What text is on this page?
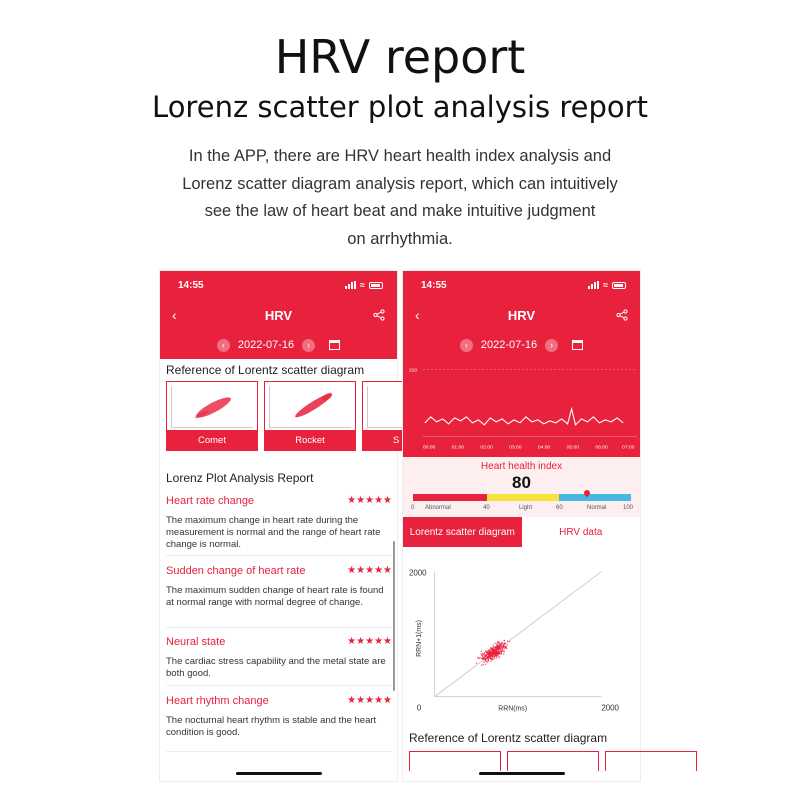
HRV report
Lorenz scatter plot analysis report
In the APP, there are HRV heart health index analysis and
Lorenz scatter diagram analysis report, which can intuitively
see the law of heart beat and make intuitive judgment
on arrhythmia.
14:55	≈
‹	HRV
‹	2022-07-16	›
Reference of Lorentz scatter diagram
Comet	Rocket	S
Lorenz Plot Analysis Report
Heart rate change	★★★★★
The maximum change in heart rate during the measurement is normal and the range of heart rate change is normal.
Sudden change of heart rate	★★★★★
The maximum sudden change of heart rate is found at normal range with normal degree of change.
Neural state	★★★★★
The cardiac stress capability and the metal state are both good.
Heart rhythm change	★★★★★
The nocturnal heart rhythm is stable and the heart condition is good.
14:55	≈
‹	HRV
‹	2022-07-16	›
210
00:00	01:00	02:00	03:00	04:00	05:00	06:00	07:00
Heart health index
80
0 Abnormal	40	Light	60	Normal	100
Lorentz scatter diagram	HRV data
2000
RRN+1(ms)
0	RRN(ms)	2000
Reference of Lorentz scatter diagram
